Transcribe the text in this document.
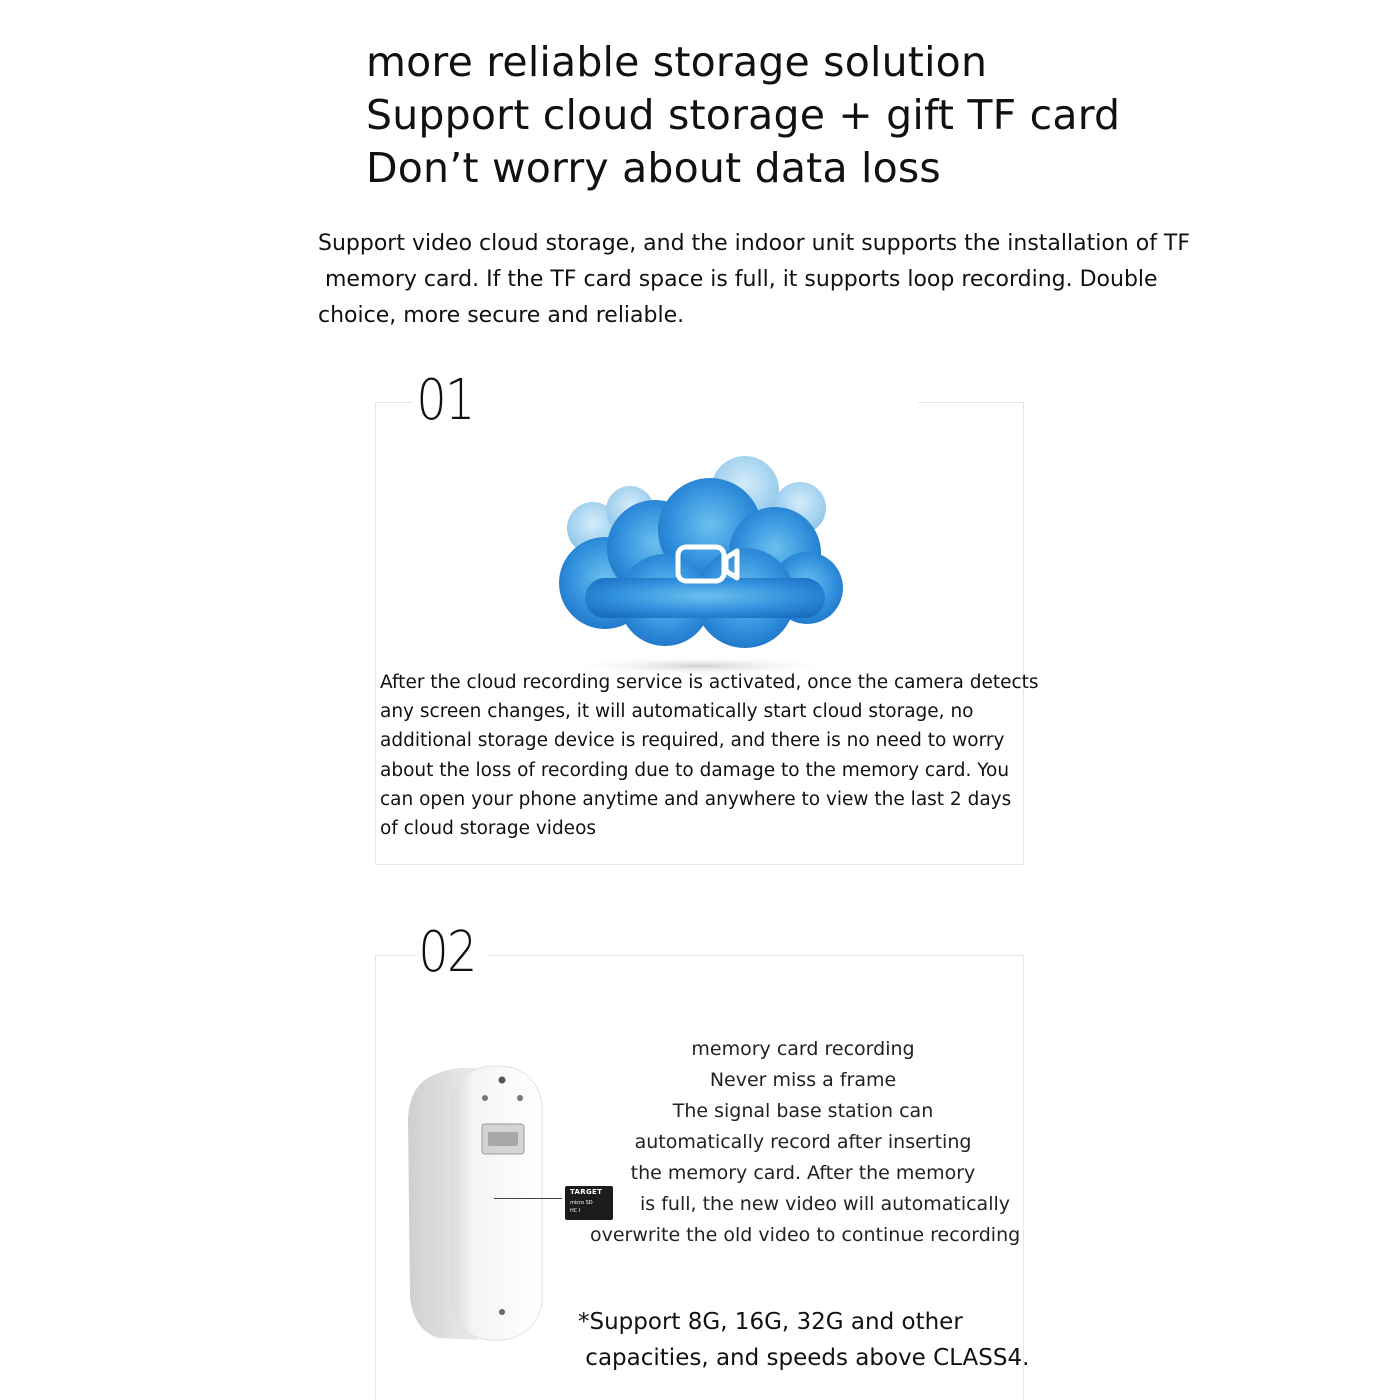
more reliable storage solution
Support cloud storage + gift TF card
Don’t worry about data loss
Support video cloud storage, and the indoor unit supports the installation of TF
memory card. If the TF card space is full, it supports loop recording. Double
choice, more secure and reliable.
01
After the cloud recording service is activated, once the camera detects
any screen changes, it will automatically start cloud storage, no
additional storage device is required, and there is no need to worry
about the loss of recording due to damage to the memory card. You
can open your phone anytime and anywhere to view the last 2 days
of cloud storage videos
02
TARGET
micro SD
HC I
memory card recording
Never miss a frame
The signal base station can
automatically record after inserting
the memory card. After the memory
is full, the new video will automatically
overwrite the old video to continue recording
*Support 8G, 16G, 32G and other
capacities, and speeds above CLASS4.
